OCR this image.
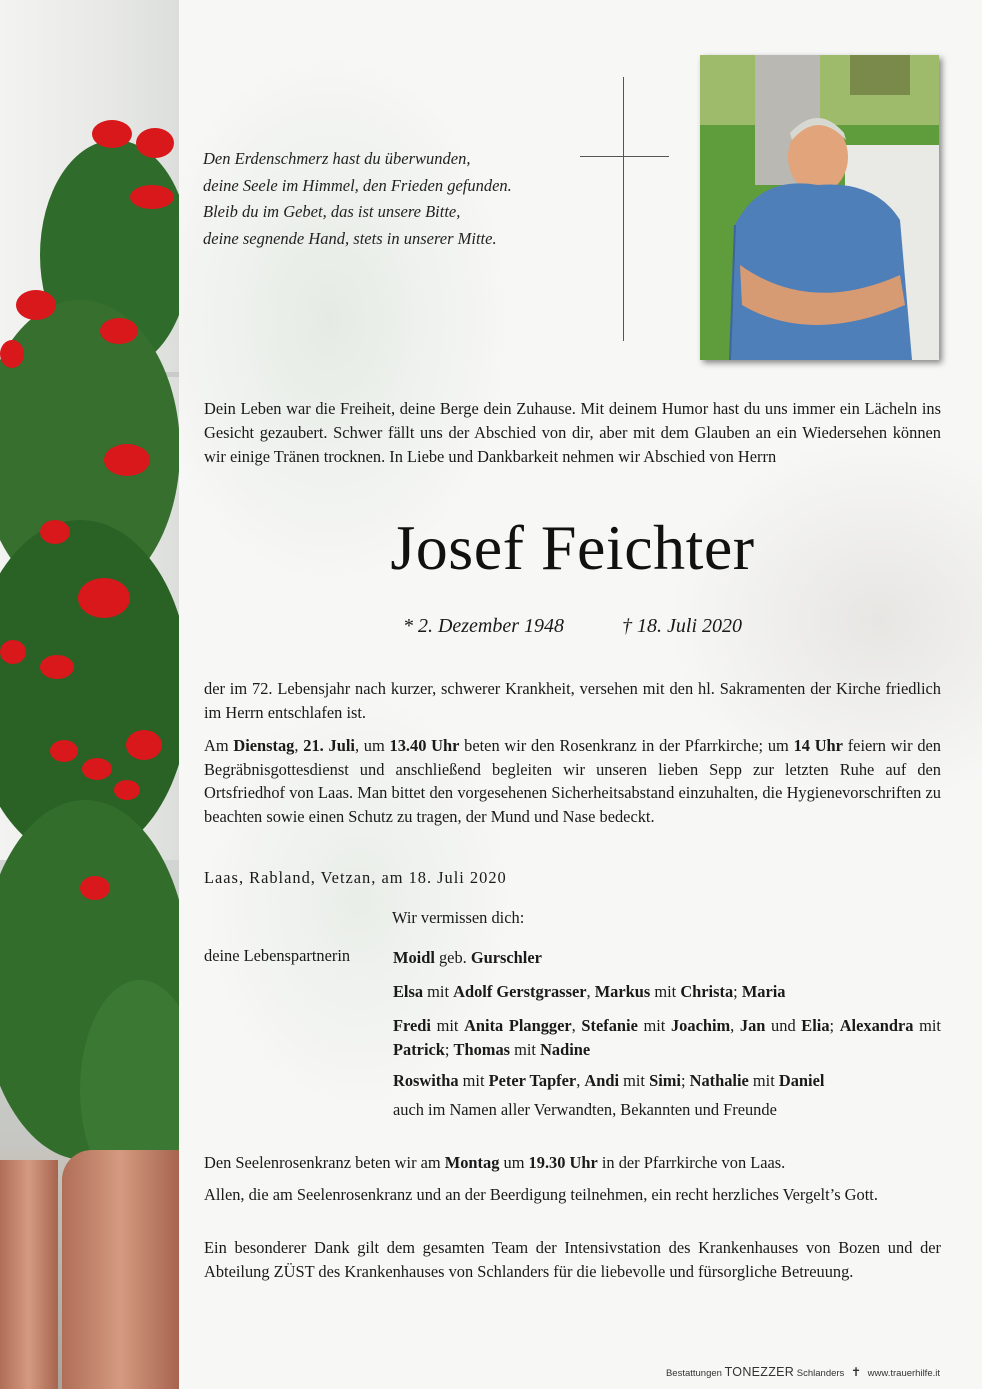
Den Erdenschmerz hast du überwunden,
deine Seele im Himmel, den Frieden gefunden.
Bleib du im Gebet, das ist unsere Bitte,
deine segnende Hand, stets in unserer Mitte.
Dein Leben war die Freiheit, deine Berge dein Zuhause. Mit deinem Humor hast du uns immer ein Lächeln ins Gesicht gezaubert. Schwer fällt uns der Abschied von dir, aber mit dem Glauben an ein Wiedersehen können wir einige Tränen trocknen. In Liebe und Dankbarkeit nehmen wir Abschied von Herrn
Josef Feichter
* 2. Dezember 1948	† 18. Juli 2020
der im 72. Lebensjahr nach kurzer, schwerer Krankheit, versehen mit den hl. Sakramenten der Kirche friedlich im Herrn entschlafen ist.
Am Dienstag, 21. Juli, um 13.40 Uhr beten wir den Rosenkranz in der Pfarrkirche; um 14 Uhr feiern wir den Begräbnisgottesdienst und anschließend begleiten wir unseren lieben Sepp zur letzten Ruhe auf den Ortsfriedhof von Laas. Man bittet den vorgesehenen Sicherheitsabstand einzuhalten, die Hygienevorschriften zu beachten sowie einen Schutz zu tragen, der Mund und Nase bedeckt.
Laas, Rabland, Vetzan, am 18. Juli 2020
Wir vermissen dich:
deine Lebenspartnerin	Moidl geb. Gurschler
Elsa mit Adolf Gerstgrasser, Markus mit Christa; Maria
Fredi mit Anita Plangger, Stefanie mit Joachim, Jan und Elia; Alexandra mit Patrick; Thomas mit Nadine
Roswitha mit Peter Tapfer, Andi mit Simi; Nathalie mit Daniel
auch im Namen aller Verwandten, Bekannten und Freunde
Den Seelenrosenkranz beten wir am Montag um 19.30 Uhr in der Pfarrkirche von Laas.
Allen, die am Seelenrosenkranz und an der Beerdigung teilnehmen, ein recht herzliches Vergelt’s Gott.
Ein besonderer Dank gilt dem gesamten Team der Intensivstation des Krankenhauses von Bozen und der Abteilung ZÜST des Krankenhauses von Schlanders für die liebevolle und fürsorgliche Betreuung.
Bestattungen TONEZZER Schlanders ✝ www.trauerhilfe.it
